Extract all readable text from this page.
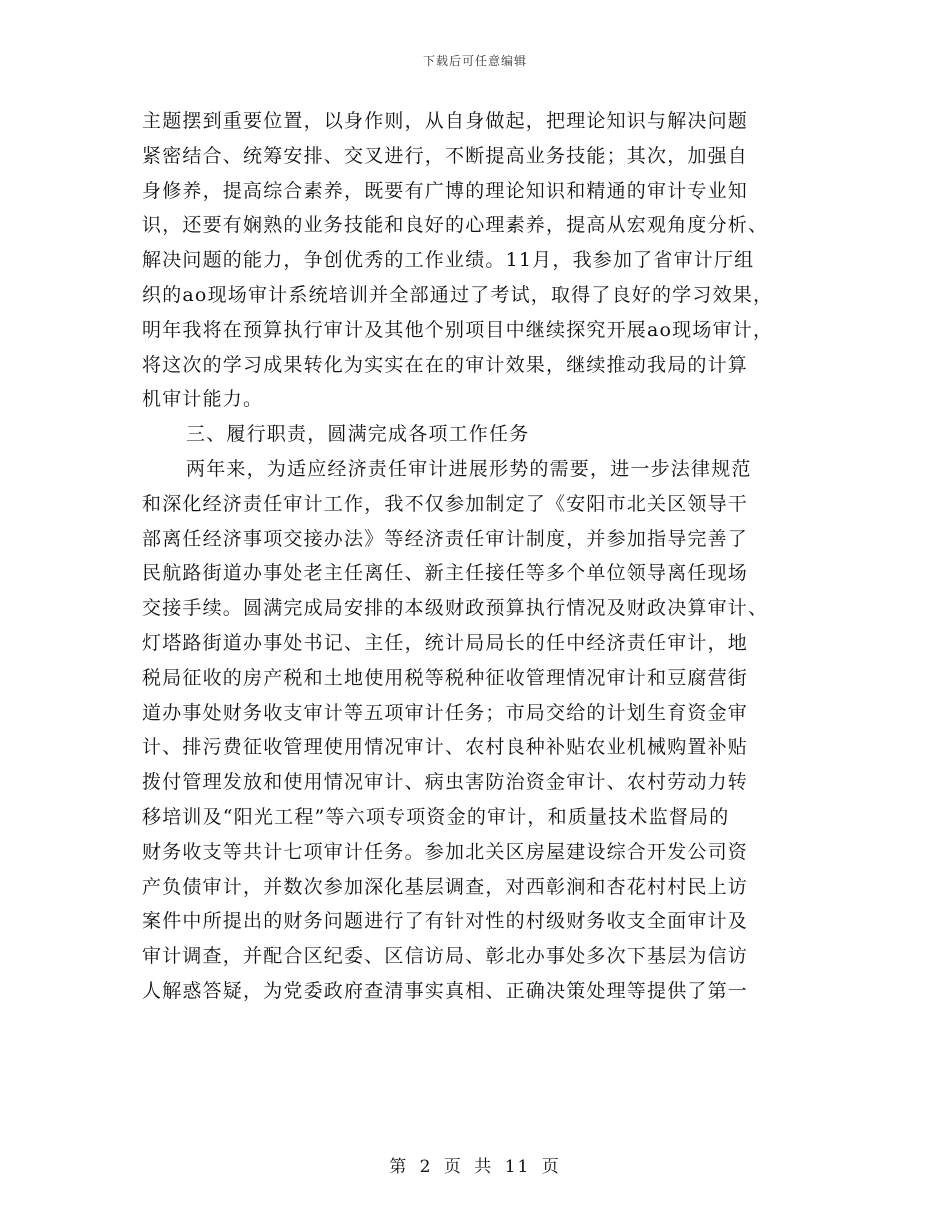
下载后可任意编辑
主题摆到重要位置，以身作则，从自身做起，把理论知识与解决问题
紧密结合、统筹安排、交叉进行，不断提高业务技能；其次，加强自
身修养，提高综合素养，既要有广博的理论知识和精通的审计专业知
识，还要有娴熟的业务技能和良好的心理素养，提高从宏观角度分析、
解决问题的能力，争创优秀的工作业绩。11月，我参加了省审计厅组
织的ao现场审计系统培训并全部通过了考试，取得了良好的学习效果，
明年我将在预算执行审计及其他个别项目中继续探究开展ao现场审计，
将这次的学习成果转化为实实在在的审计效果，继续推动我局的计算
机审计能力。
三、履行职责，圆满完成各项工作任务
两年来，为适应经济责任审计进展形势的需要，进一步法律规范
和深化经济责任审计工作，我不仅参加制定了《安阳市北关区领导干
部离任经济事项交接办法》等经济责任审计制度，并参加指导完善了
民航路街道办事处老主任离任、新主任接任等多个单位领导离任现场
交接手续。圆满完成局安排的本级财政预算执行情况及财政决算审计、
灯塔路街道办事处书记、主任，统计局局长的任中经济责任审计，地
税局征收的房产税和土地使用税等税种征收管理情况审计和豆腐营街
道办事处财务收支审计等五项审计任务；市局交给的计划生育资金审
计、排污费征收管理使用情况审计、农村良种补贴农业机械购置补贴
拨付管理发放和使用情况审计、病虫害防治资金审计、农村劳动力转
移培训及“阳光工程”等六项专项资金的审计，和质量技术监督局的
财务收支等共计七项审计任务。参加北关区房屋建设综合开发公司资
产负债审计，并数次参加深化基层调查，对西彰涧和杏花村村民上访
案件中所提出的财务问题进行了有针对性的村级财务收支全面审计及
审计调查，并配合区纪委、区信访局、彰北办事处多次下基层为信访
人解惑答疑，为党委政府查清事实真相、正确决策处理等提供了第一
第 2 页 共 11 页
